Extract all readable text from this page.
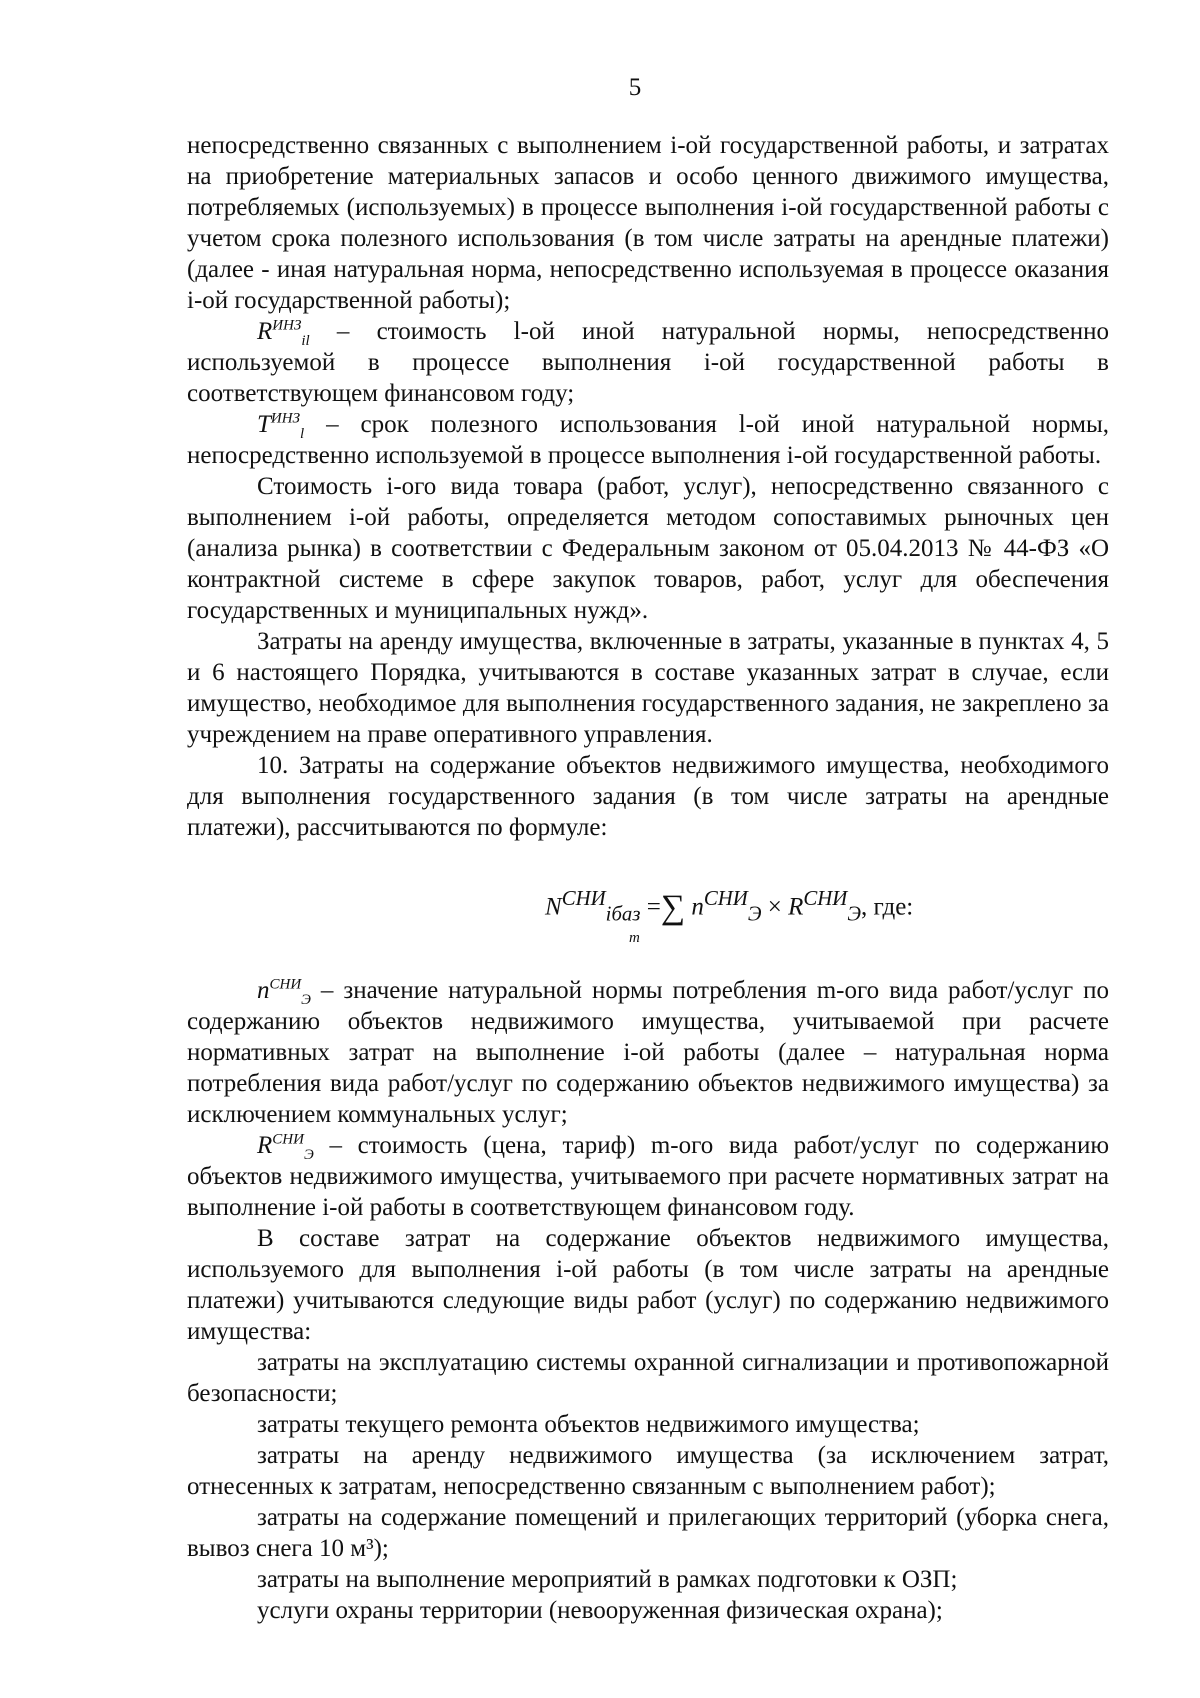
5

непосредственно связанных с выполнением i-ой государственной работы, и затратах на приобретение материальных запасов и особо ценного движимого имущества, потребляемых (используемых) в процессе выполнения i-ой государственной работы с учетом срока полезного использования (в том числе затраты на арендные платежи) (далее - иная натуральная норма, непосредственно используемая в процессе оказания i-ой государственной работы);

$R^{ИНЗ}_{il}$ – стоимость l-ой иной натуральной нормы, непосредственно используемой в процессе выполнения i-ой государственной работы в соответствующем финансовом году;

$T^{ИНЗ}_l$ – срок полезного использования l-ой иной натуральной нормы, непосредственно используемой в процессе выполнения i-ой государственной работы.

Стоимость i-ого вида товара (работ, услуг), непосредственно связанного с выполнением i-ой работы, определяется методом сопоставимых рыночных цен (анализа рынка) в соответствии с Федеральным законом от 05.04.2013 № 44-ФЗ «О контрактной системе в сфере закупок товаров, работ, услуг для обеспечения государственных и муниципальных нужд».

Затраты на аренду имущества, включенные в затраты, указанные в пунктах 4, 5 и 6 настоящего Порядка, учитываются в составе указанных затрат в случае, если имущество, необходимое для выполнения государственного задания, не закреплено за учреждением на праве оперативного управления.

10. Затраты на содержание объектов недвижимого имущества, необходимого для выполнения государственного задания (в том числе затраты на арендные платежи), рассчитываются по формуле:

$N^{СНИ}_{iбаз}$ =∑ $n^{СНИ}_Э \times R^{СНИ}_Э$, где:
m

$n^{СНИ}_Э$ – значение натуральной нормы потребления m-ого вида работ/услуг по содержанию объектов недвижимого имущества, учитываемой при расчете нормативных затрат на выполнение i-ой работы (далее – натуральная норма потребления вида работ/услуг по содержанию объектов недвижимого имущества) за исключением коммунальных услуг;

$R^{СНИ}_Э$ – стоимость (цена, тариф) m-ого вида работ/услуг по содержанию объектов недвижимого имущества, учитываемого при расчете нормативных затрат на выполнение i-ой работы в соответствующем финансовом году.

В составе затрат на содержание объектов недвижимого имущества, используемого для выполнения i-ой работы (в том числе затраты на арендные платежи) учитываются следующие виды работ (услуг) по содержанию недвижимого имущества:

затраты на эксплуатацию системы охранной сигнализации и противопожарной безопасности;

затраты текущего ремонта объектов недвижимого имущества;

затраты на аренду недвижимого имущества (за исключением затрат, отнесенных к затратам, непосредственно связанным с выполнением работ);

затраты на содержание помещений и прилегающих территорий (уборка снега, вывоз снега 10 м³);

затраты на выполнение мероприятий в рамках подготовки к ОЗП;

услуги охраны территории (невооруженная физическая охрана);
